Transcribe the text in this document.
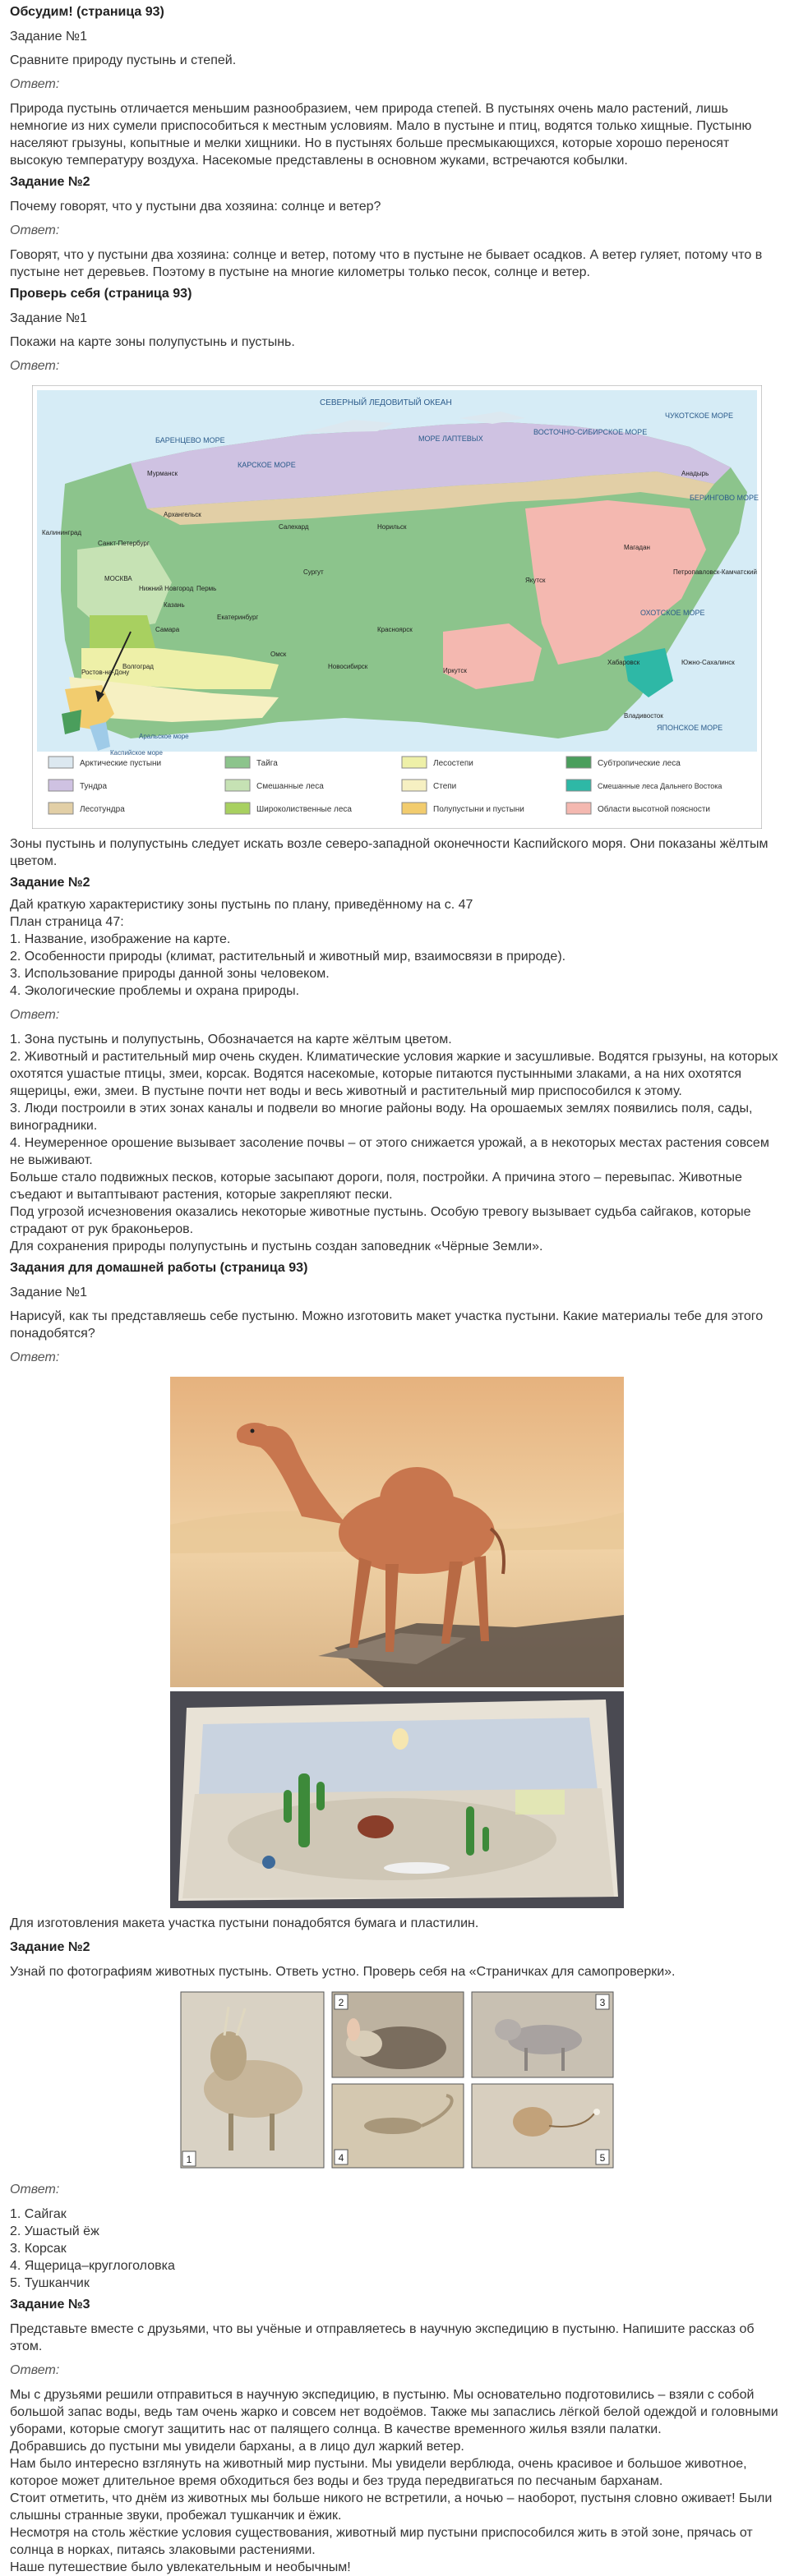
Обсудим! (страница 93)

Задание №1

Сравните природу пустынь и степей.

Ответ:

Природа пустынь отличается меньшим разнообразием, чем природа степей. В пустынях очень мало растений, лишь

немногие из них сумели приспособиться к местным условиям. Мало в пустыне и птиц, водятся только хищные. Пустыню

населяют грызуны, копытные и мелки хищники. Но в пустынях больше пресмыкающихся, которые хорошо переносят

высокую температуру воздуха. Насекомые представлены в основном жуками, встречаются кобылки.

Задание №2

Почему говорят, что у пустыни два хозяина: солнце и ветер?

Ответ:

Говорят, что у пустыни два хозяина: солнце и ветер, потому что в пустыне не бывает осадков. А ветер гуляет, потому что в

пустыне нет деревьев. Поэтому в пустыне на многие километры только песок, солнце и ветер.

Проверь себя (страница 93)

Задание №1

Покажи на карте зоны полупустынь и пустынь.

Ответ:

СЕВЕРНЫЙ ЛЕДОВИТЫЙ ОКЕАН
БАРЕНЦЕВО МОРЕ
КАРСКОЕ МОРЕ
МОРЕ ЛАПТЕВЫХ
ВОСТОЧНО-СИБИРСКОЕ МОРЕ
ЧУКОТСКОЕ МОРЕ
БЕРИНГОВО МОРЕ
ОХОТСКОЕ МОРЕ
ЯПОНСКОЕ МОРЕ
Каспийское море
Аральское море
Мурманск
Архангельск
Калининград
МОСКВА
Санкт-Петербург
Нижний Новгород
Казань
Самара
Волгоград
Ростов-на-Дону
Пермь
Екатеринбург
Омск
Новосибирск
Красноярск
Иркутск
Якутск
Магадан
Хабаровск
Владивосток
Петропавловск-Камчатский
Норильск
Сургут
Салехард
Анадырь
Южно-Сахалинск
Арктические пустыни	Тайга	Лесостепи	Субтропические леса
Тундра	Смешанные леса	Степи	Смешанные леса Дальнего Востока
Лесотундра	Широколиственные леса	Полупустыни и пустыни	Области высотной поясности

Зоны пустынь и полупустынь следует искать возле северо-западной оконечности Каспийского моря. Они показаны жёлтым

цветом.

Задание №2

Дай краткую характеристику зоны пустынь по плану, приведённому на с. 47

План страница 47:

1. Название, изображение на карте.

2. Особенности природы (климат, растительный и животный мир, взаимосвязи в природе).

3. Использование природы данной зоны человеком.

4. Экологические проблемы и охрана природы.

Ответ:

1. Зона пустынь и полупустынь, Обозначается на карте жёлтым цветом.

2. Животный и растительный мир очень скуден. Климатические условия жаркие и засушливые. Водятся грызуны, на которых

охотятся ушастые птицы, змеи, корсак. Водятся насекомые, которые питаются пустынными злаками, а на них охотятся

ящерицы, ежи, змеи. В пустыне почти нет воды и весь животный и растительный мир приспособился к этому.

3. Люди построили в этих зонах каналы и подвели во многие районы воду. На орошаемых землях появились поля, сады,

виноградники.

4. Неумеренное орошение вызывает засоление почвы – от этого снижается урожай, а в некоторых местах растения совсем

не выживают.

Больше стало подвижных песков, которые засыпают дороги, поля, постройки. А причина этого – перевыпас. Животные

съедают и вытаптывают растения, которые закрепляют пески.

Под угрозой исчезновения оказались некоторые животные пустынь. Особую тревогу вызывает судьба сайгаков, которые

страдают от рук браконьеров.

Для сохранения природы полупустынь и пустынь создан заповедник «Чёрные Земли».

Задания для домашней работы (страница 93)

Задание №1

Нарисуй, как ты представляешь себе пустыню. Можно изготовить макет участка пустыни. Какие материалы тебе для этого

понадобятся?

Ответ:

Для изготовления макета участка пустыни понадобятся бумага и пластилин.

Задание №2

Узнай по фотографиям животных пустынь. Ответь устно. Проверь себя на «Страничках для самопроверки».

1
2	3
4	5

Ответ:

1. Сайгак

2. Ушастый ёж

3. Корсак

4. Ящерица–круглоголовка

5. Тушканчик

Задание №3

Представьте вместе с друзьями, что вы учёные и отправляетесь в научную экспедицию в пустыню. Напишите рассказ об

этом.

Ответ:

Мы с друзьями решили отправиться в научную экспедицию, в пустыню. Мы основательно подготовились – взяли с собой

большой запас воды, ведь там очень жарко и совсем нет водоёмов. Также мы запаслись лёгкой белой одеждой и головными

уборами, которые смогут защитить нас от палящего солнца. В качестве временного жилья взяли палатки.

Добравшись до пустыни мы увидели барханы, а в лицо дул жаркий ветер.

Нам было интересно взглянуть на животный мир пустыни. Мы увидели верблюда, очень красивое и большое животное,

которое может длительное время обходиться без воды и без труда передвигаться по песчаным барханам.

Стоит отметить, что днём из животных мы больше никого не встретили, а ночью – наоборот, пустыня словно оживает! Были

слышны странные звуки, пробежал тушканчик и ёжик.

Несмотря на столь жёсткие условия существования, животный мир пустыни приспособился жить в этой зоне, прячась от

солнца в норках, питаясь злаковыми растениями.

Наше путешествие было увлекательным и необычным!
